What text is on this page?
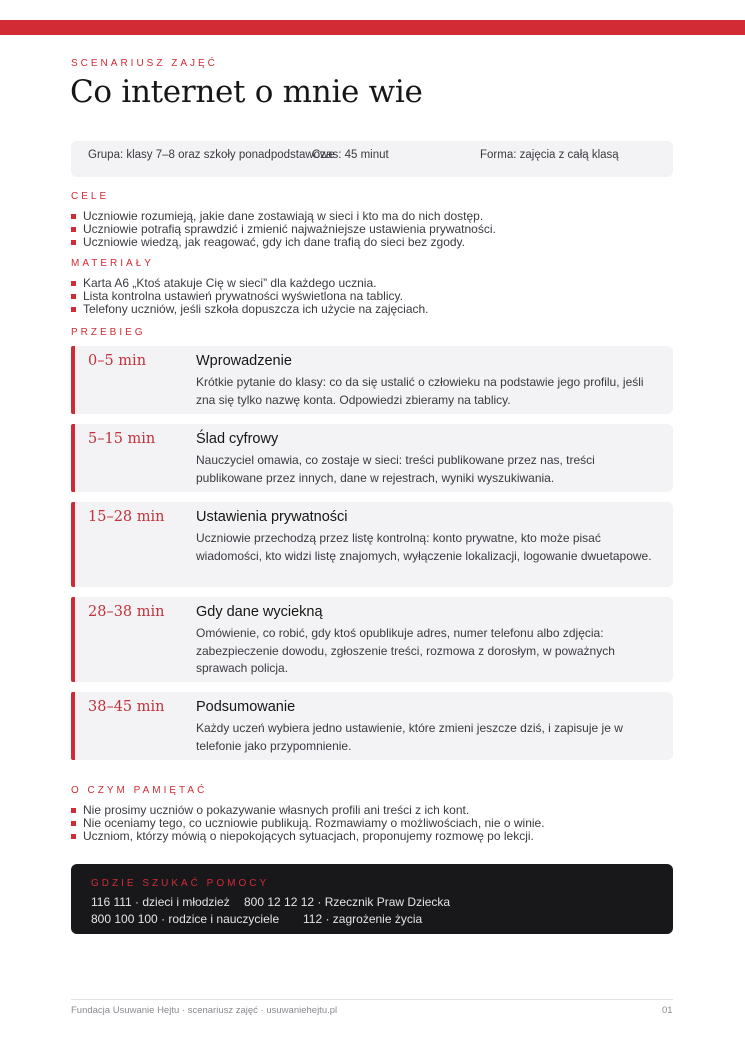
SCENARIUSZ ZAJĘĆ
Co internet o mnie wie
Grupa: klasy 7–8 oraz szkoły ponadpodstawowe
Czas: 45 minut	Forma: zajęcia z całą klasą
CELE
Uczniowie rozumieją, jakie dane zostawiają w sieci i kto ma do nich dostęp.
Uczniowie potrafią sprawdzić i zmienić najważniejsze ustawienia prywatności.
Uczniowie wiedzą, jak reagować, gdy ich dane trafią do sieci bez zgody.
MATERIAŁY
Karta A6 „Ktoś atakuje Cię w sieci” dla każdego ucznia.
Lista kontrolna ustawień prywatności wyświetlona na tablicy.
Telefony uczniów, jeśli szkoła dopuszcza ich użycie na zajęciach.
PRZEBIEG
0–5 min	Wprowadzenie
Krótkie pytanie do klasy: co da się ustalić o człowieku na podstawie jego profilu, jeśli zna się tylko nazwę konta. Odpowiedzi zbieramy na tablicy.
5–15 min	Ślad cyfrowy
Nauczyciel omawia, co zostaje w sieci: treści publikowane przez nas, treści publikowane przez innych, dane w rejestrach, wyniki wyszukiwania.
15–28 min Ustawienia prywatności
Uczniowie przechodzą przez listę kontrolną: konto prywatne, kto może pisać wiadomości, kto widzi listę znajomych, wyłączenie lokalizacji, logowanie dwuetapowe.
28–38 min Gdy dane wyciekną
Omówienie, co robić, gdy ktoś opublikuje adres, numer telefonu albo zdjęcia: zabezpieczenie dowodu, zgłoszenie treści, rozmowa z dorosłym, w poważnych sprawach policja.
38–45 min Podsumowanie
Każdy uczeń wybiera jedno ustawienie, które zmieni jeszcze dziś, i zapisuje je w telefonie jako przypomnienie.
O CZYM PAMIĘTAĆ
Nie prosimy uczniów o pokazywanie własnych profili ani treści z ich kont.
Nie oceniamy tego, co uczniowie publikują. Rozmawiamy o możliwościach, nie o winie.
Uczniom, którzy mówią o niepokojących sytuacjach, proponujemy rozmowę po lekcji.
GDZIE SZUKAĆ POMOCY
116 111 · dzieci i młodzież 800 12 12 12 · Rzecznik Praw Dziecka
800 100 100 · rodzice i nauczyciele 112 · zagrożenie życia
Fundacja Usuwanie Hejtu · scenariusz zajęć · usuwaniehejtu.pl	01
